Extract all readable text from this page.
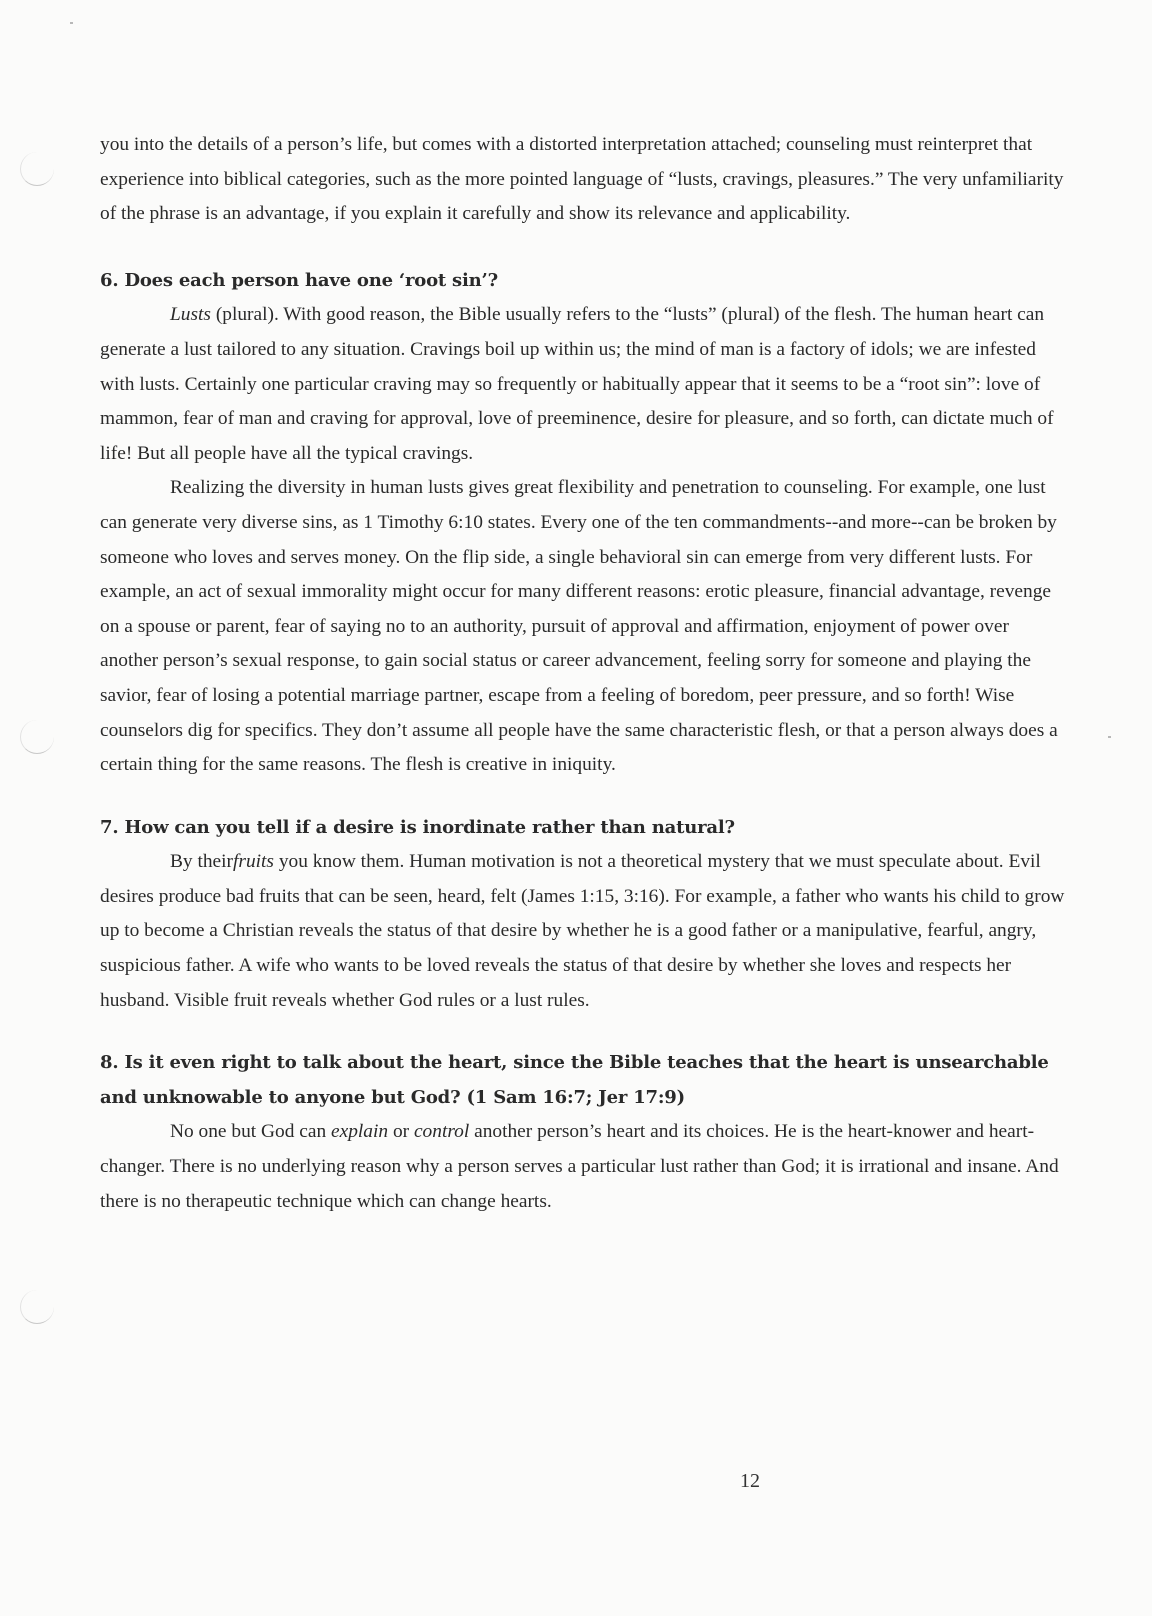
you into the details of a person’s life, but comes with a distorted interpretation attached; counseling must reinterpret that experience into biblical categories, such as the more pointed language of “lusts, cravings, pleasures.” The very unfamiliarity of the phrase is an advantage, if you explain it carefully and show its relevance and applicability.

6. Does each person have one ‘root sin’?

Lusts (plural). With good reason, the Bible usually refers to the “lusts” (plural) of the flesh. The human heart can generate a lust tailored to any situation. Cravings boil up within us; the mind of man is a factory of idols; we are infested with lusts. Certainly one particular craving may so frequently or habitually appear that it seems to be a “root sin”: love of mammon, fear of man and craving for approval, love of preeminence, desire for pleasure, and so forth, can dictate much of life! But all people have all the typical cravings.

Realizing the diversity in human lusts gives great flexibility and penetration to counseling. For example, one lust can generate very diverse sins, as 1 Timothy 6:10 states. Every one of the ten commandments--and more--can be broken by someone who loves and serves money. On the flip side, a single behavioral sin can emerge from very different lusts. For example, an act of sexual immorality might occur for many different reasons: erotic pleasure, financial advantage, revenge on a spouse or parent, fear of saying no to an authority, pursuit of approval and affirmation, enjoyment of power over another person’s sexual response, to gain social status or career advancement, feeling sorry for someone and playing the savior, fear of losing a potential marriage partner, escape from a feeling of boredom, peer pressure, and so forth! Wise counselors dig for specifics. They don’t assume all people have the same characteristic flesh, or that a person always does a certain thing for the same reasons. The flesh is creative in iniquity.

7. How can you tell if a desire is inordinate rather than natural?

By theirfruits you know them. Human motivation is not a theoretical mystery that we must speculate about. Evil desires produce bad fruits that can be seen, heard, felt (James 1:15, 3:16). For example, a father who wants his child to grow up to become a Christian reveals the status of that desire by whether he is a good father or a manipulative, fearful, angry, suspicious father. A wife who wants to be loved reveals the status of that desire by whether she loves and respects her husband. Visible fruit reveals whether God rules or a lust rules.

8. Is it even right to talk about the heart, since the Bible teaches that the heart is unsearchable and unknowable to anyone but God? (1 Sam 16:7; Jer 17:9)

No one but God can explain or control another person’s heart and its choices. He is the heart-knower and heart-changer. There is no underlying reason why a person serves a particular lust rather than God; it is irrational and insane. And there is no therapeutic technique which can change hearts.

12
